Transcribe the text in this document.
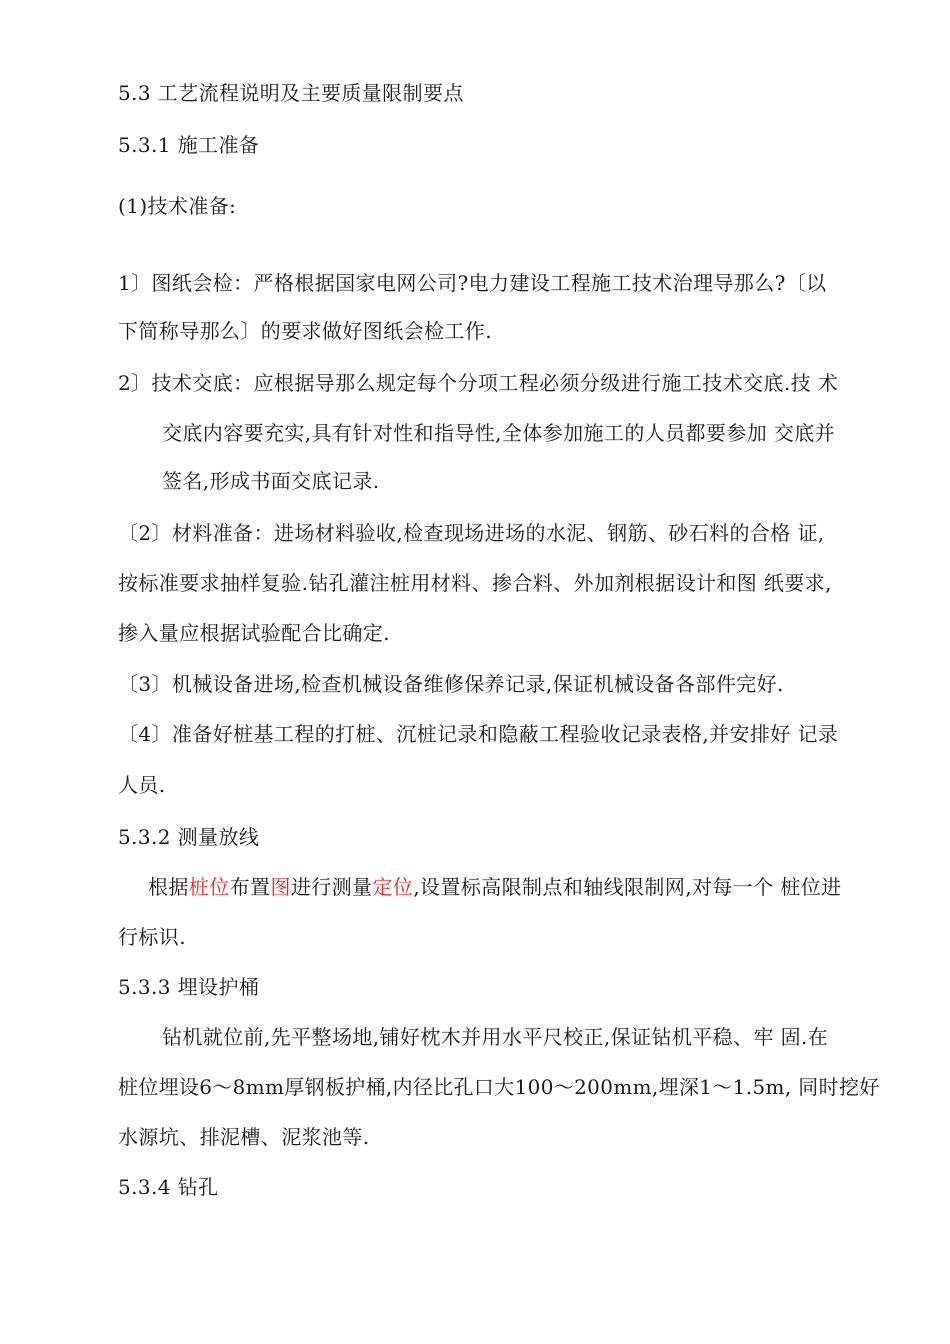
5.3 工艺流程说明及主要质量限制要点
5.3.1 施工准备
(1)技术准备:
1〕图纸会检：严格根据国家电网公司?电力建设工程施工技术治理导那么?〔以
下简称导那么〕的要求做好图纸会检工作.
2〕技术交底：应根据导那么规定每个分项工程必须分级进行施工技术交底.技 术
交底内容要充实,具有针对性和指导性,全体参加施工的人员都要参加 交底并
签名,形成书面交底记录.
〔2〕材料准备：进场材料验收,检查现场进场的水泥、钢筋、砂石料的合格 证,
按标准要求抽样复验.钻孔灌注桩用材料、掺合料、外加剂根据设计和图 纸要求,
掺入量应根据试验配合比确定.
〔3〕机械设备进场,检查机械设备维修保养记录,保证机械设备各部件完好.
〔4〕准备好桩基工程的打桩、沉桩记录和隐蔽工程验收记录表格,并安排好 记录
人员.
5.3.2 测量放线
根据桩位布置图进行测量定位,设置标高限制点和轴线限制网,对每一个 桩位进
行标识.
5.3.3 埋设护桶
钻机就位前,先平整场地,铺好枕木并用水平尺校正,保证钻机平稳、牢 固.在
桩位埋设6〜8mm厚钢板护桶,内径比孔口大100〜200mm,埋深1〜1.5m, 同时挖好
水源坑、排泥槽、泥浆池等.
5.3.4 钻孔
